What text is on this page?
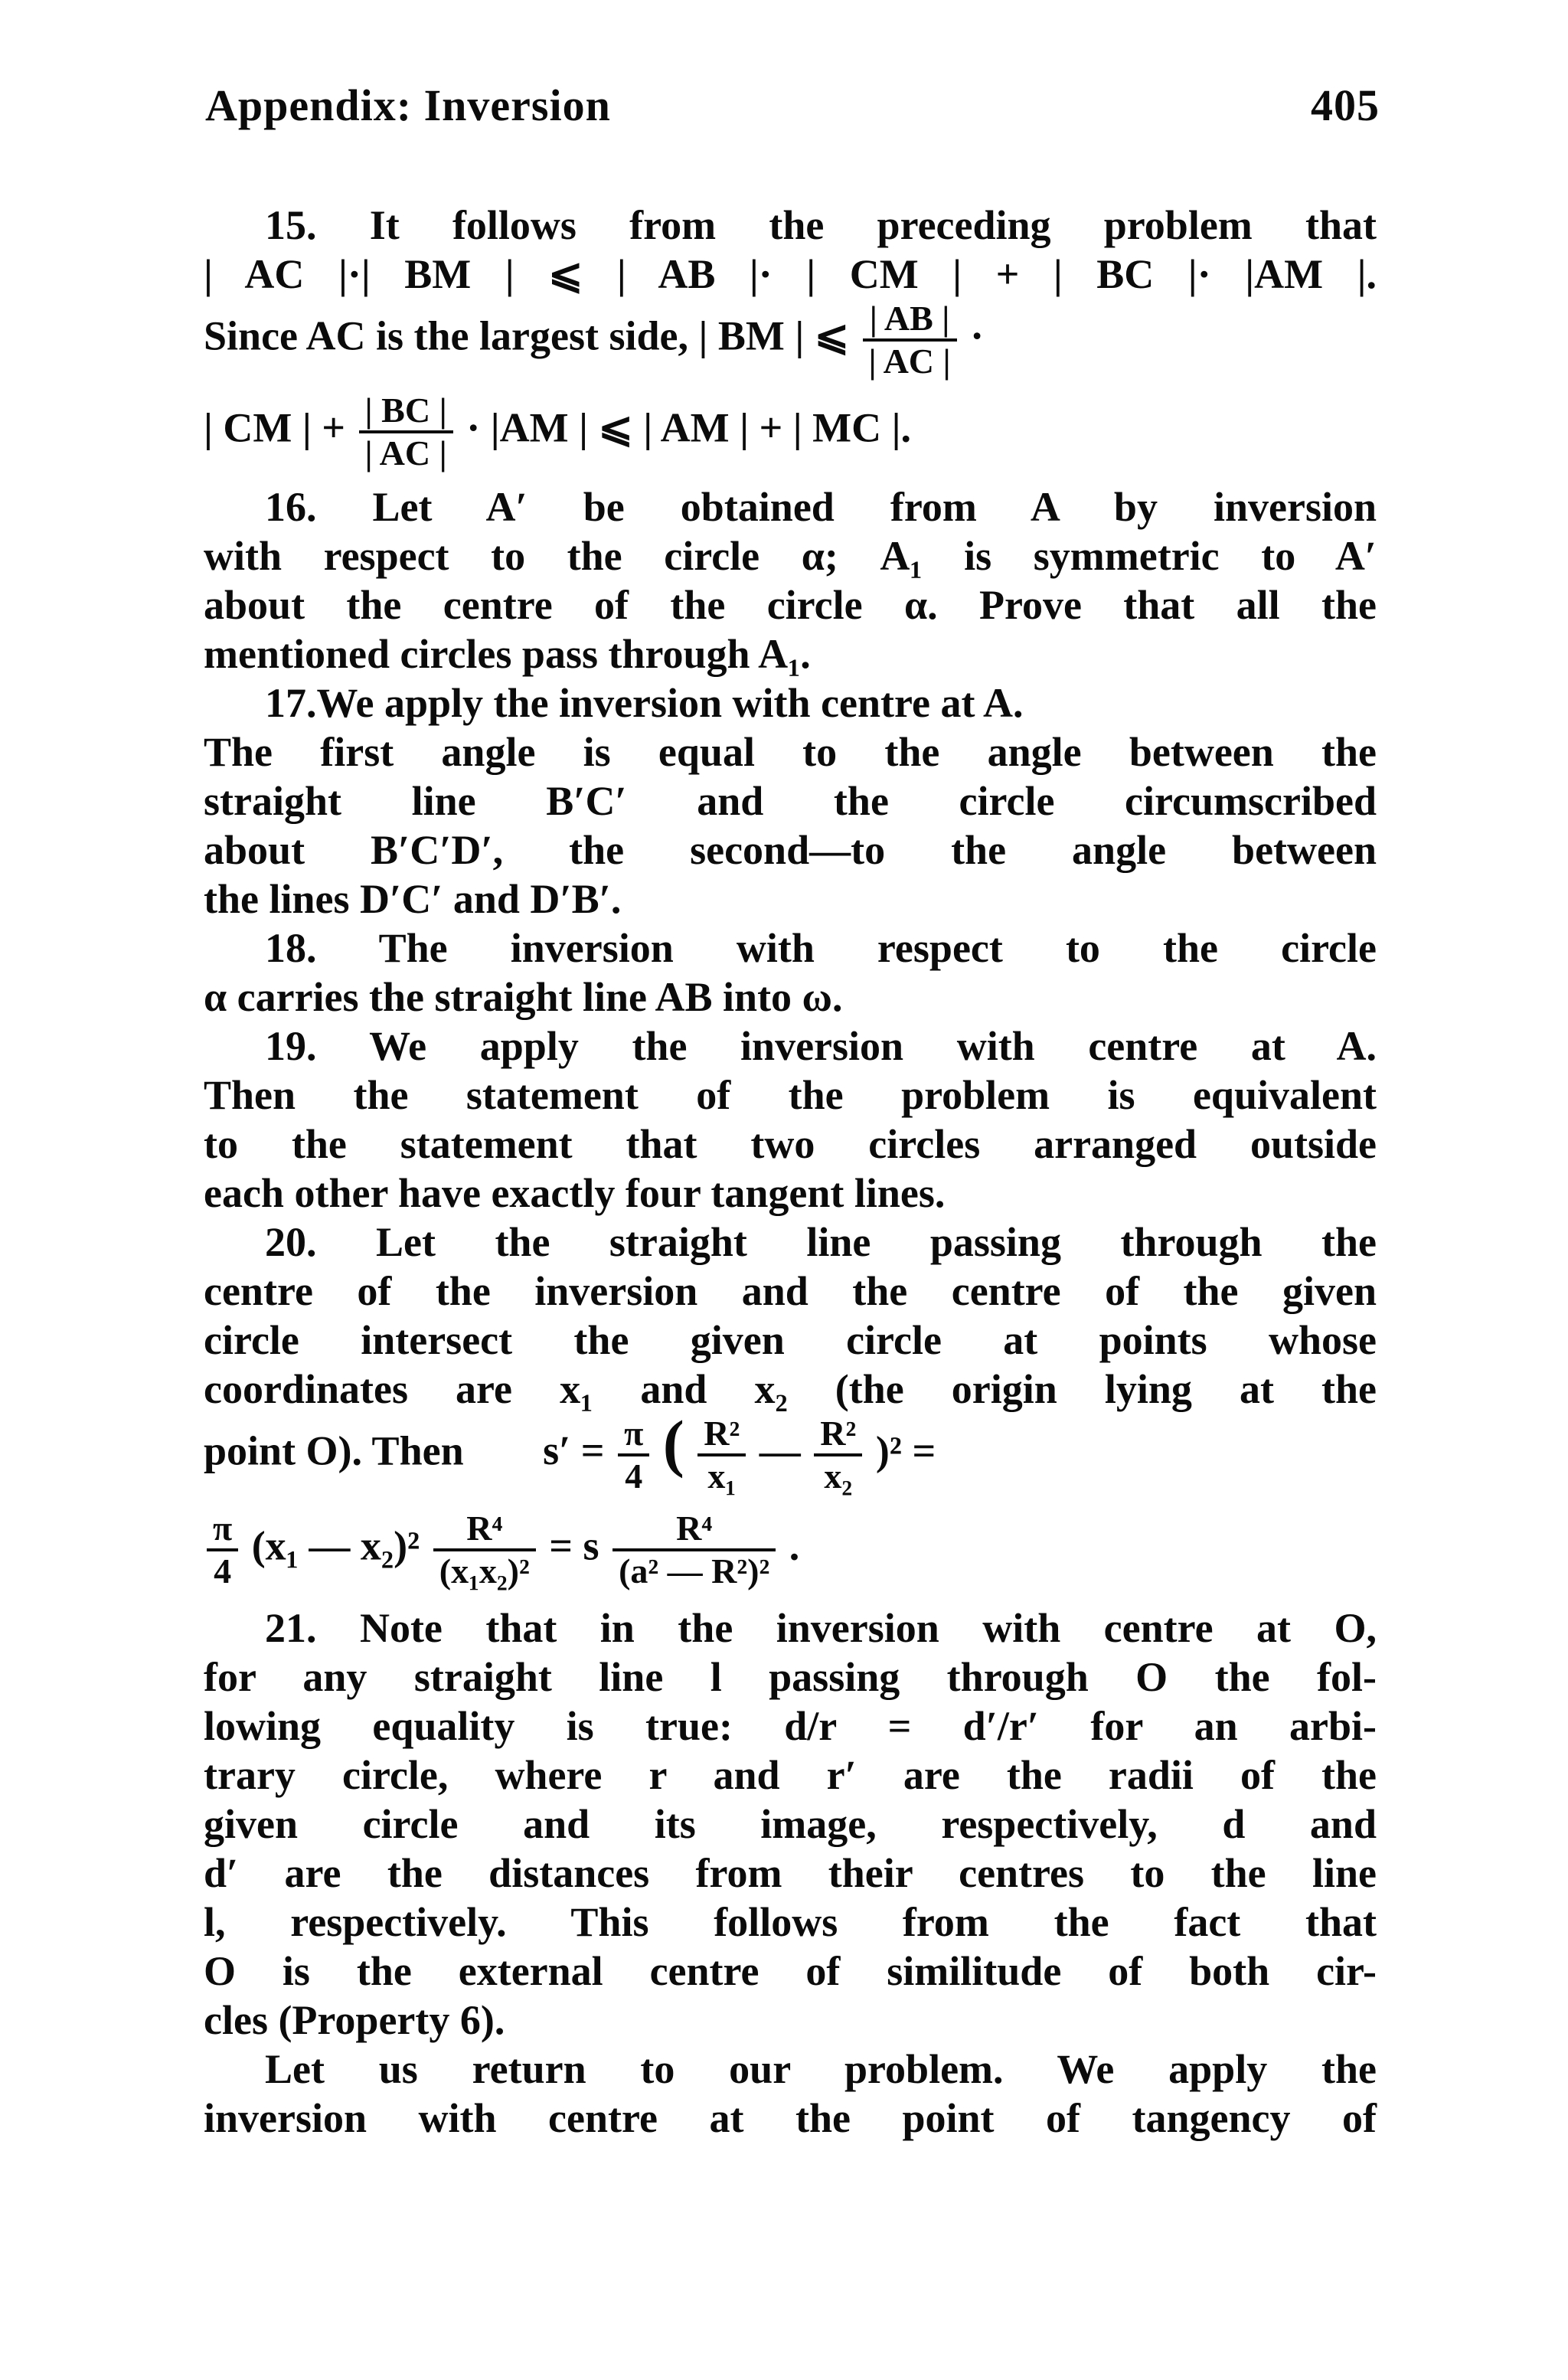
Appendix: Inversion	405
15. It follows from the preceding problem that
| AC |·| BM | ⩽ | AB |· | CM | + | BC |· |AM |.
Since AC is the largest side, | BM | ⩽ $\frac{| AB |}{| AC |}$ ·
| CM | + $\frac{| BC |}{| AC |} \cdot |AM$ | ⩽ | AM | + | MC |.
16. Let A′ be obtained from A by inversion
with respect to the circle α; A₁ is symmetric to A′
about the centre of the circle α. Prove that all the
mentioned circles pass through A₁.
17.We apply the inversion with centre at A.
The first angle is equal to the angle between the
straight line B′C′ and the circle circumscribed
about B′C′D′, the second—to the angle between
the lines D′C′ and D′B′.
18. The inversion with respect to the circle
α carries the straight line AB into ω.
19. We apply the inversion with centre at A.
Then the statement of the problem is equivalent
to the statement that two circles arranged outside
each other have exactly four tangent lines.
20. Let the straight line passing through the
centre of the inversion and the centre of the given
circle intersect the given circle at points whose
coordinates are x₁ and x₂ (the origin lying at the
point O). Then $s' = \frac{\pi}{4}$ ( $\frac{\text{R²}}{\text{x₁}}$ — $\frac{\text{R²}}{\text{x₂}} )^2$ =
$\frac{\pi}{4} (x_1$ — $x_2)^2 \frac{\text{R⁴}}{\text{(x₁x₂)²}} = s \frac{\text{R⁴}}{\text{(a² — R²)²}}$ .
21. Note that in the inversion with centre at O,
for any straight line l passing through O the fol-
lowing equality is true: d/r = d′/r′ for an arbi-
trary circle, where r and r′ are the radii of the
given circle and its image, respectively, d and
d′ are the distances from their centres to the line
l, respectively. This follows from the fact that
O is the external centre of similitude of both cir-
cles (Property 6).
Let us return to our problem. We apply the
inversion with centre at the point of tangency of
